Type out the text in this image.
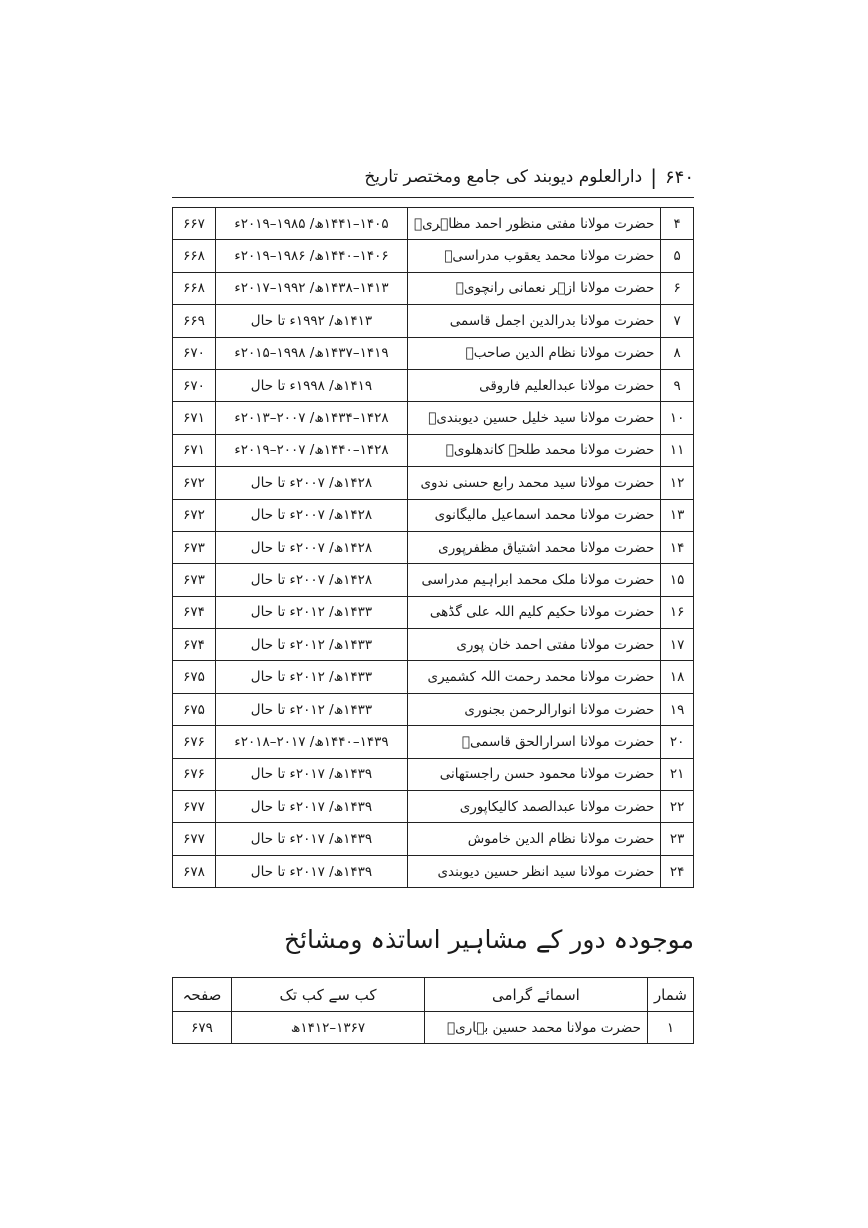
۶۴۰
|
دارالعلوم دیوبند کی جامع ومختصر تاریخ
۴	حضرت مولانا مفتی منظور احمد مظاہریؒ	۱۴۰۵–۱۴۴۱ھ/ ۱۹۸۵–۲۰۱۹ء	۶۶۷
۵	حضرت مولانا محمد یعقوب مدراسیؒ	۱۴۰۶–۱۴۴۰ھ/ ۱۹۸۶–۲۰۱۹ء	۶۶۸
۶	حضرت مولانا ازہر نعمانی رانچویؒ	۱۴۱۳–۱۴۳۸ھ/ ۱۹۹۲–۲۰۱۷ء	۶۶۸
۷	حضرت مولانا بدرالدین اجمل قاسمی	۱۴۱۳ھ/ ۱۹۹۲ء تا حال	۶۶۹
۸	حضرت مولانا نظام الدین صاحبؒ	۱۴۱۹–۱۴۳۷ھ/ ۱۹۹۸–۲۰۱۵ء	۶۷۰
۹	حضرت مولانا عبدالعلیم فاروقی	۱۴۱۹ھ/ ۱۹۹۸ء تا حال	۶۷۰
۱۰	حضرت مولانا سید خلیل حسین دیوبندیؒ	۱۴۲۸–۱۴۳۴ھ/ ۲۰۰۷–۲۰۱۳ء	۶۷۱
۱۱	حضرت مولانا محمد طلحہ کاندھلویؒ	۱۴۲۸–۱۴۴۰ھ/ ۲۰۰۷–۲۰۱۹ء	۶۷۱
۱۲	حضرت مولانا سید محمد رابع حسنی ندوی	۱۴۲۸ھ/ ۲۰۰۷ء تا حال	۶۷۲
۱۳	حضرت مولانا محمد اسماعیل مالیگانوی	۱۴۲۸ھ/ ۲۰۰۷ء تا حال	۶۷۲
۱۴	حضرت مولانا محمد اشتیاق مظفرپوری	۱۴۲۸ھ/ ۲۰۰۷ء تا حال	۶۷۳
۱۵	حضرت مولانا ملک محمد ابراہیم مدراسی	۱۴۲۸ھ/ ۲۰۰۷ء تا حال	۶۷۳
۱۶	حضرت مولانا حکیم کلیم اللہ علی گڈھی	۱۴۳۳ھ/ ۲۰۱۲ء تا حال	۶۷۴
۱۷	حضرت مولانا مفتی احمد خان پوری	۱۴۳۳ھ/ ۲۰۱۲ء تا حال	۶۷۴
۱۸	حضرت مولانا محمد رحمت اللہ کشمیری	۱۴۳۳ھ/ ۲۰۱۲ء تا حال	۶۷۵
۱۹	حضرت مولانا انوارالرحمن بجنوری	۱۴۳۳ھ/ ۲۰۱۲ء تا حال	۶۷۵
۲۰	حضرت مولانا اسرارالحق قاسمیؒ	۱۴۳۹–۱۴۴۰ھ/ ۲۰۱۷–۲۰۱۸ء	۶۷۶
۲۱	حضرت مولانا محمود حسن راجستھانی	۱۴۳۹ھ/ ۲۰۱۷ء تا حال	۶۷۶
۲۲	حضرت مولانا عبدالصمد کالیکاپوری	۱۴۳۹ھ/ ۲۰۱۷ء تا حال	۶۷۷
۲۳	حضرت مولانا نظام الدین خاموش	۱۴۳۹ھ/ ۲۰۱۷ء تا حال	۶۷۷
۲۴	حضرت مولانا سید انظر حسین دیوبندی	۱۴۳۹ھ/ ۲۰۱۷ء تا حال	۶۷۸
موجودہ دور کے مشاہیر اساتذہ ومشائخ
شمار	اسمائے گرامی	کب سے کب تک	صفحہ
۱	حضرت مولانا محمد حسین بہاریؒ	۱۳۶۷–۱۴۱۲ھ	۶۷۹
